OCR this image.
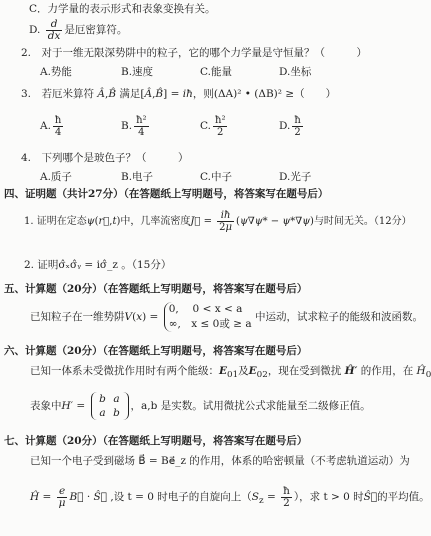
C．力学量的表示形式和表象变换有关。
D. $\frac{d}{dx}$ 是厄密算符。
2.　对于一维无限深势阱中的粒子，它的哪个力学量是守恒量？（　　　）
A.势能	B.速度	C.能量	D.坐标
3.　若厄米算符 Â,B̂ 满足[Â,B̂] = iħ，则(ΔA)² • (ΔB)² ≥（　　）
A. $\frac{ħ}{4}$	B. $\frac{\text{ħ²}}{4}$	C. $\frac{\text{ħ²}}{2}$	D. $\frac{ħ}{2}$
4.　下列哪个是玻色子？（　　　）
A.质子	B.电子	C.中子	D.光子
四、证明题（共计27分）（在答题纸上写明题号，将答案写在题号后）
1. 证明在定态ψ(r⃗,t)中，几率流密度J⃗ = $\frac{iħ}{2\mu} (\psi\nabla\psi* - \psi*\nabla\psi)$与时间无关。（12分）
2. 证明σ̂ₓσ̂ᵧ = iσ̂_z 。（15分）
五、计算题（20分）（在答题纸上写明题号，将答案写在题号后）
已知粒子在一维势阱V(x) =
0,　 0 < x < a
∞,　x ≤ 0或 ≥ a
中运动，试求粒子的能级和波函数。
六、计算题（20分）（在答题纸上写明题号，将答案写在题号后）
已知一体系未受微扰作用时有两个能级：$E_{01}$及$E_{02}$，现在受到微扰 Ĥ′ 的作用，在 $Ĥ_0$
表象中H′ = b a
a b，a,b 是实数。试用微扰公式求能量至二级修正值。
七、计算题（20分）（在答题纸上写明题号，将答案写在题号后）
已知一个电子受到磁场 B⃗ = Be⃗_z 的作用，体系的哈密顿量（不考虑轨道运动）为
Ĥ = $\frac{e}{\mu}$ B⃗ · Ŝ⃗ ,设 t = 0 时电子的自旋向上（$S_z = \frac{ħ}{2}$ ），求 t > 0 时Ŝ⃗的平均值。
